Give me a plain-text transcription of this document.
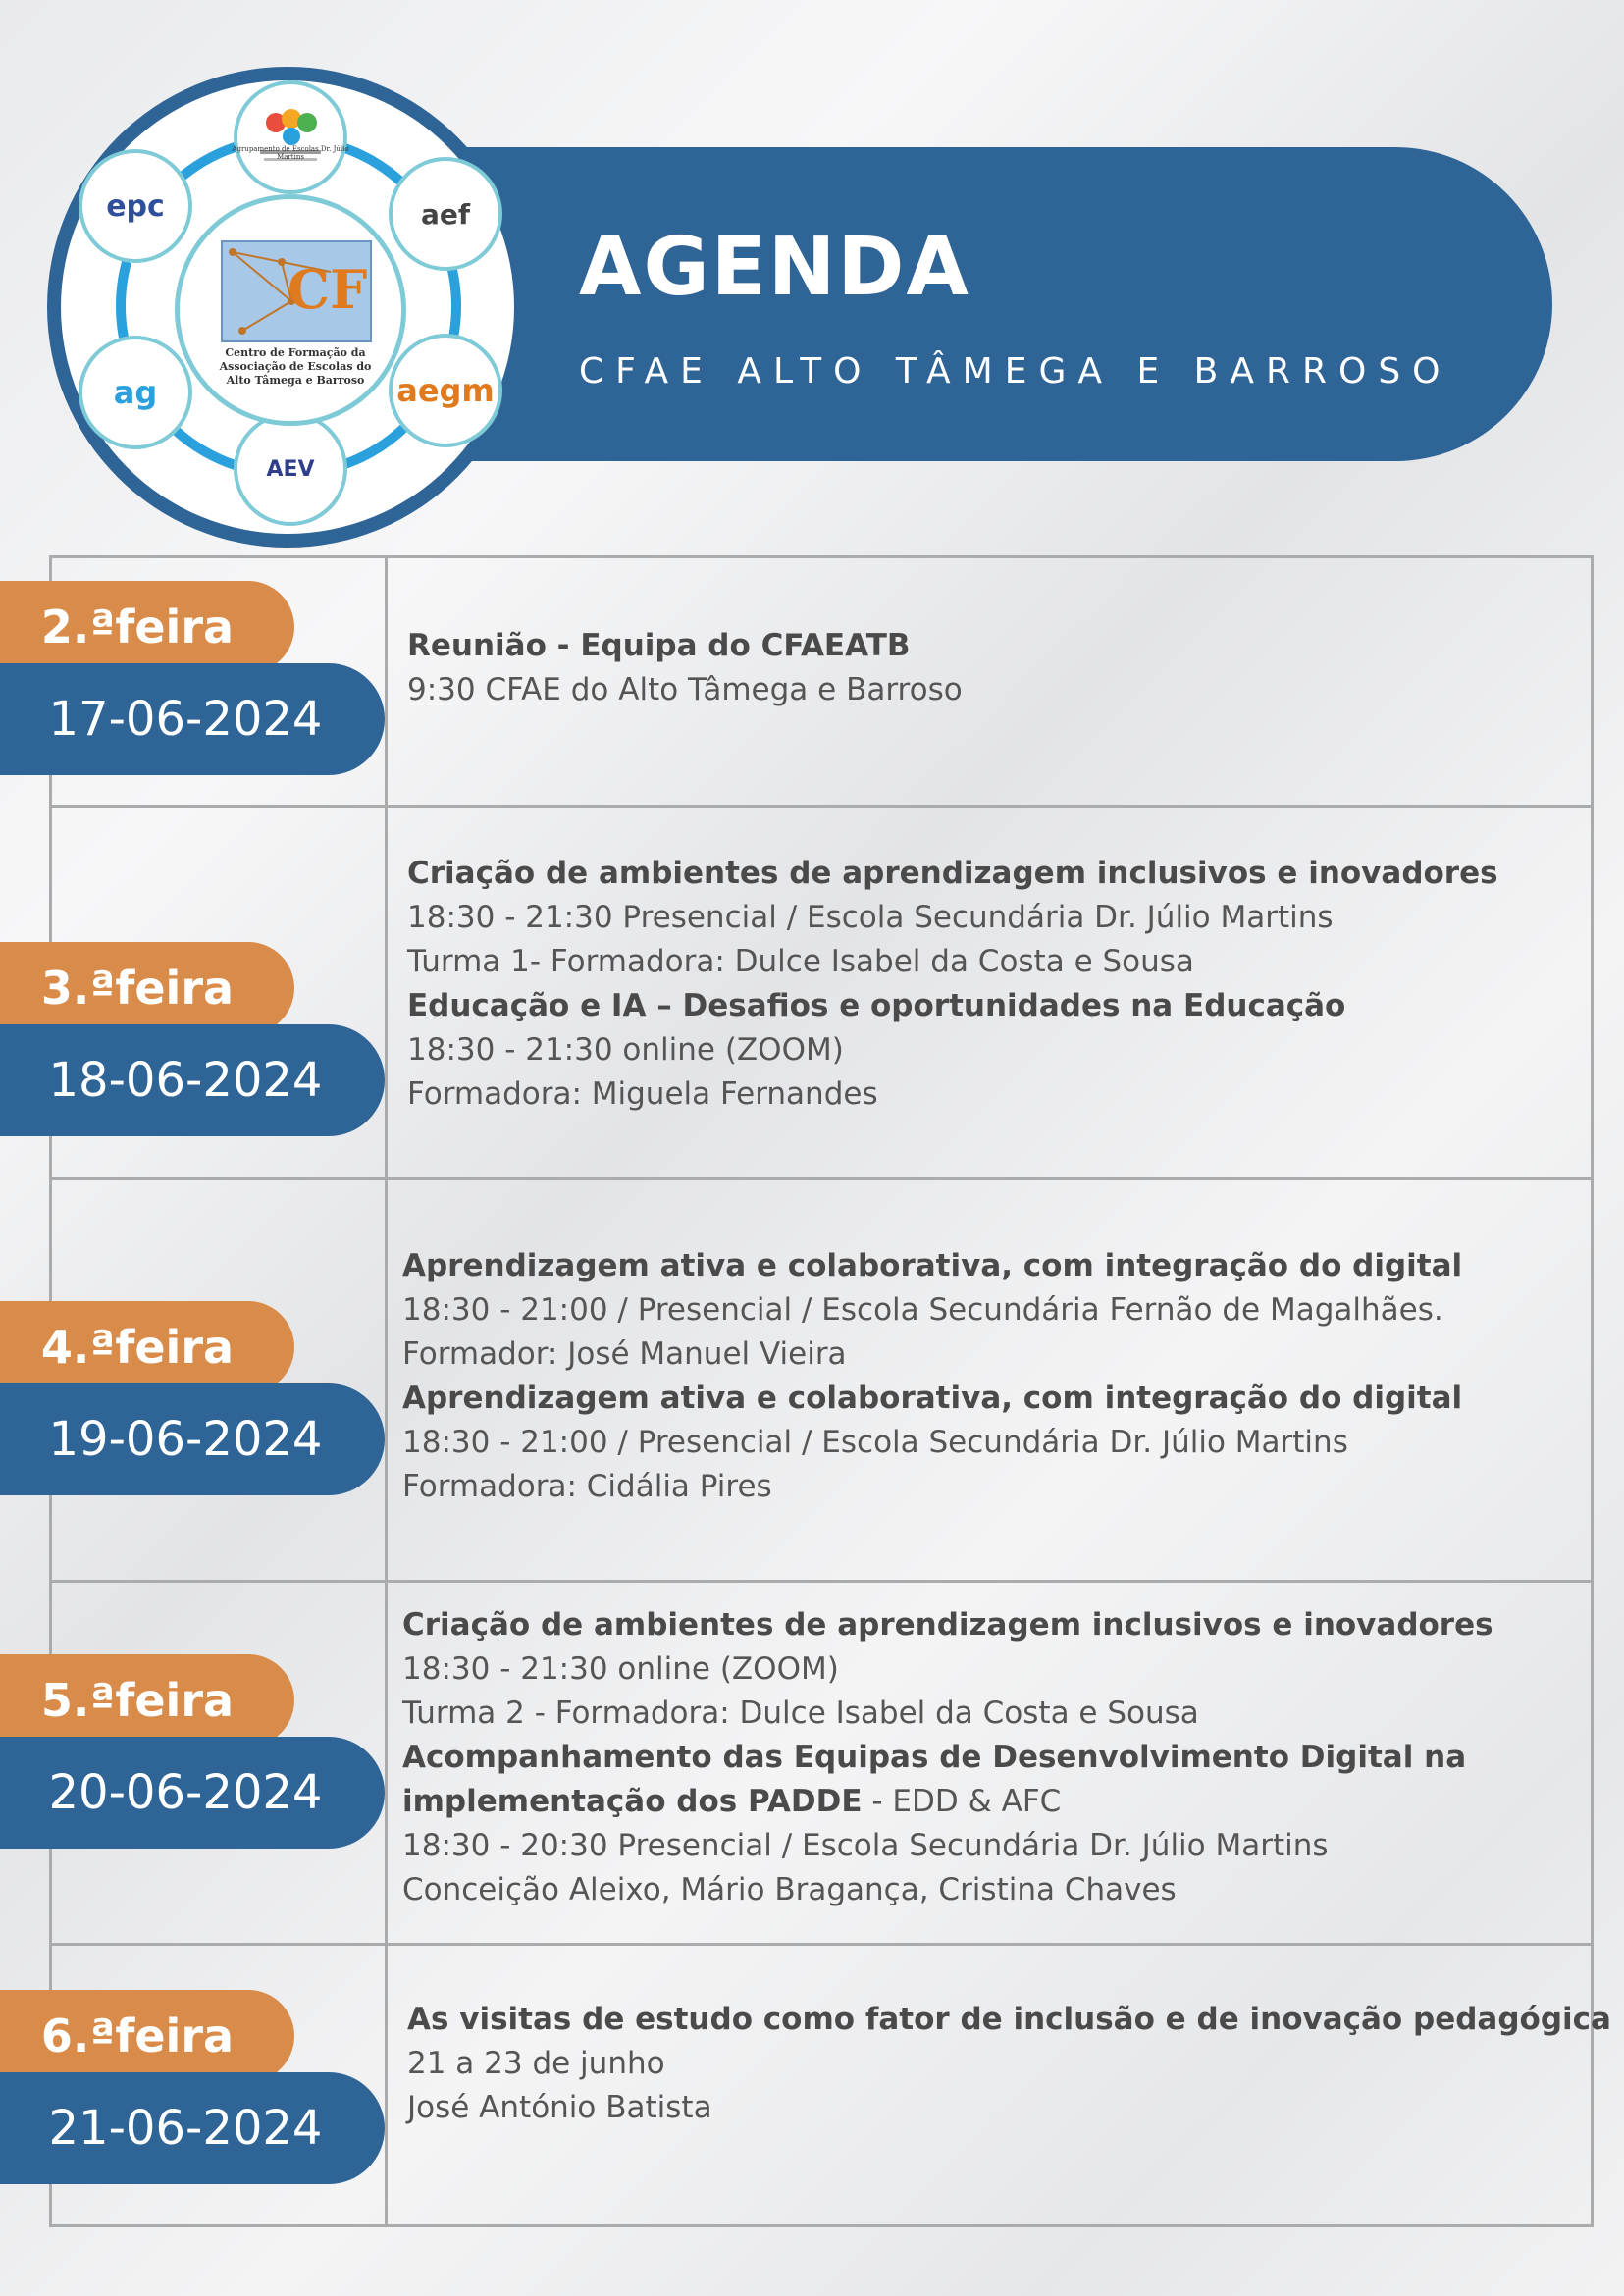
AGENDA

CFAE ALTO TÂMEGA E BARROSO

epc	aef
aegm
ag
AEV
CF
Centro de Formação da Associação de Escolas do Alto Tâmega e Barroso
2.ªfeira
17-06-2024
Reunião - Equipa do CFAEATB
9:30 CFAE do Alto Tâmega e Barroso
3.ªfeira
18-06-2024
Criação de ambientes de aprendizagem inclusivos e inovadores
18:30 - 21:30 Presencial / Escola Secundária Dr. Júlio Martins
Turma 1- Formadora: Dulce Isabel da Costa e Sousa
Educação e IA – Desafios e oportunidades na Educação
18:30 - 21:30 online (ZOOM)
Formadora: Miguela Fernandes
4.ªfeira
19-06-2024
Aprendizagem ativa e colaborativa, com integração do digital
18:30 - 21:00 / Presencial / Escola Secundária Fernão de Magalhães.
Formador: José Manuel Vieira
Aprendizagem ativa e colaborativa, com integração do digital
18:30 - 21:00 / Presencial / Escola Secundária Dr. Júlio Martins
Formadora: Cidália Pires
5.ªfeira
20-06-2024
Criação de ambientes de aprendizagem inclusivos e inovadores
18:30 - 21:30 online (ZOOM)
Turma 2 - Formadora: Dulce Isabel da Costa e Sousa
Acompanhamento das Equipas de Desenvolvimento Digital na
implementação dos PADDE - EDD & AFC
18:30 - 20:30 Presencial / Escola Secundária Dr. Júlio Martins
Conceição Aleixo, Mário Bragança, Cristina Chaves
6.ªfeira
21-06-2024
As visitas de estudo como fator de inclusão e de inovação pedagógica
21 a 23 de junho
José António Batista
Agrupamento de Escolas Dr. Júlio Martins
